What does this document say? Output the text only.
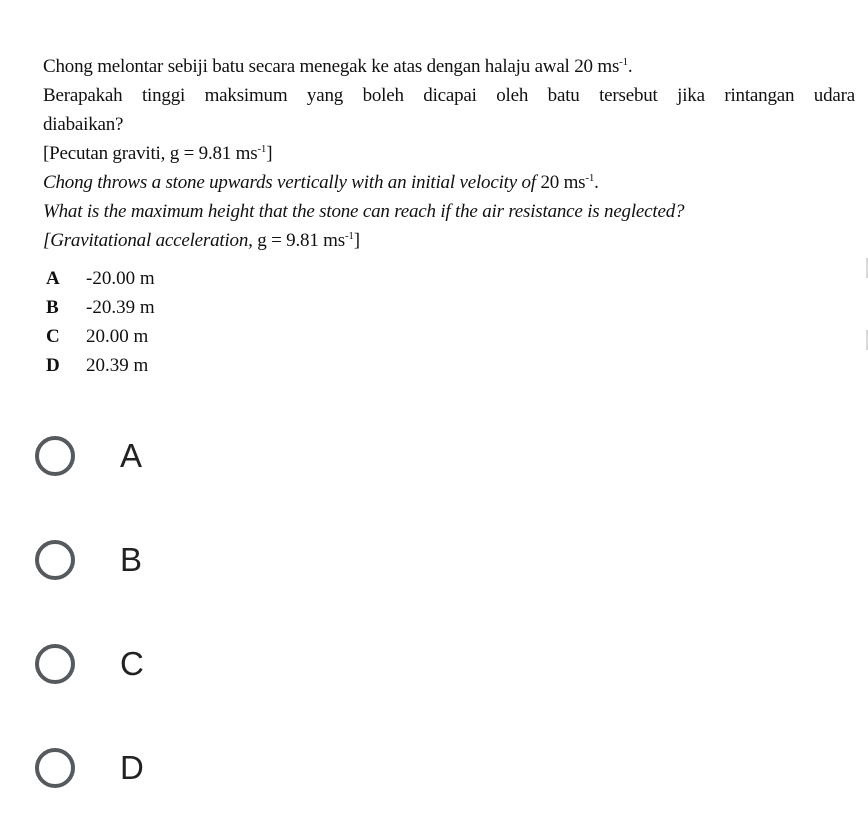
Chong melontar sebiji batu secara menegak ke atas dengan halaju awal 20 $ms^{-1}$.
Berapakah tinggi maksimum yang boleh dicapai oleh batu tersebut jika rintangan udara
diabaikan?
[Pecutan graviti, g = 9.81 $ms^{-1}$]
Chong throws a stone upwards vertically with an initial velocity of 20 $ms^{-1}$.
What is the maximum height that the stone can reach if the air resistance is neglected?
[Gravitational acceleration, g = 9.81 $ms^{-1}$]
A	-20.00 m
B	-20.39 m
C	20.00 m
D	20.39 m
A
B
C
D
